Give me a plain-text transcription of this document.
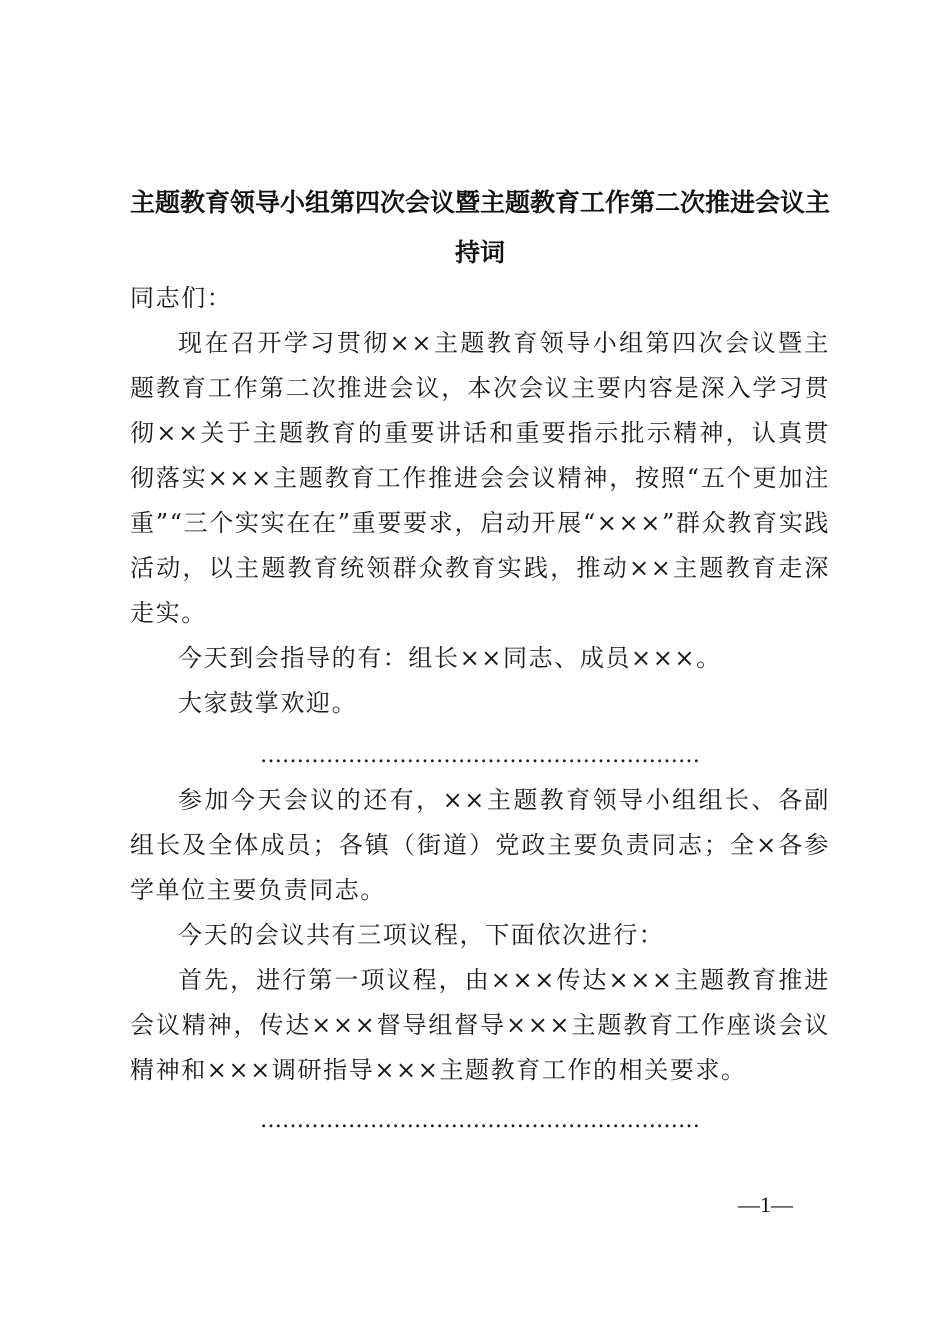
主题教育领导小组第四次会议暨主题教育工作第二次推进会议主持词

同志们：

现在召开学习贯彻××主题教育领导小组第四次会议暨主题教育工作第二次推进会议，本次会议主要内容是深入学习贯彻××关于主题教育的重要讲话和重要指示批示精神，认真贯彻落实×××主题教育工作推进会会议精神，按照“五个更加注重”“三个实实在在”重要要求，启动开展“×××”群众教育实践活动，以主题教育统领群众教育实践，推动××主题教育走深走实。

今天到会指导的有：组长××同志、成员×××。

大家鼓掌欢迎。

……………………………………………………

参加今天会议的还有，××主题教育领导小组组长、各副组长及全体成员；各镇（街道）党政主要负责同志；全×各参学单位主要负责同志。

今天的会议共有三项议程，下面依次进行：

首先，进行第一项议程，由×××传达×××主题教育推进会议精神，传达×××督导组督导×××主题教育工作座谈会议精神和×××调研指导×××主题教育工作的相关要求。

……………………………………………………

—1—
